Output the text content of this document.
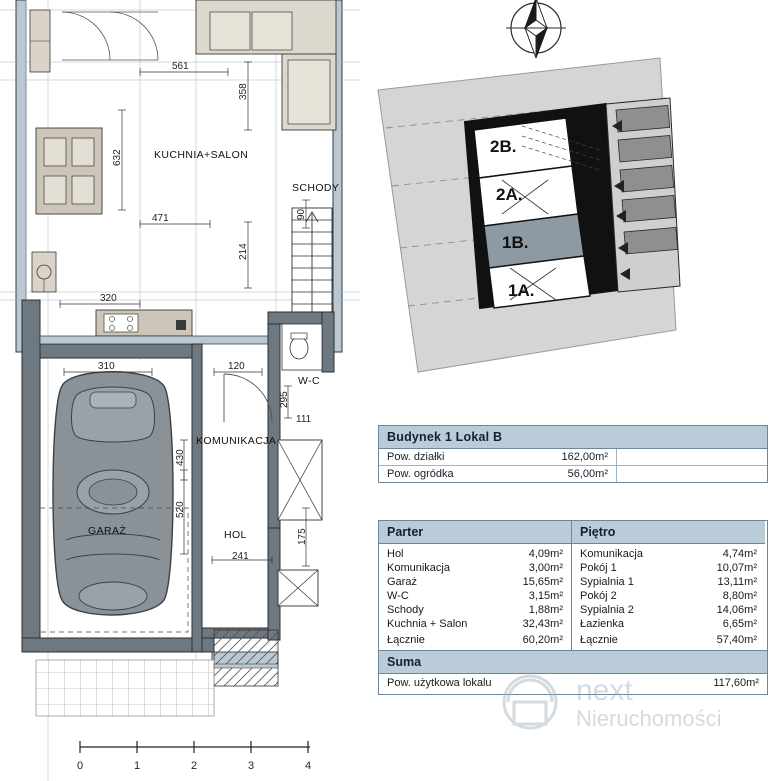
561
358
632
471
214
320
310	120
90
295
111
430
520
175
241
KUCHNIA+SALON
SCHODY
W-C
KOMUNIKACJA
GARAŻ	HOL
2B.
2A.
1B.
1A.
Budynek 1 Lokal B
Pow. działki	162,00m²
Pow. ogródka	56,00m²
Parter
Hol	4,09m²
Komunikacja	3,00m²
Garaż	15,65m²
W-C	3,15m²
Schody	1,88m²
Kuchnia + Salon	32,43m²
Łącznie	60,20m²
Piętro
Komunikacja	4,74m²
Pokój 1	10,07m²
Sypialnia 1	13,11m²
Pokój 2	8,80m²
Sypialnia 2	14,06m²
Łazienka	6,65m²
Łącznie	57,40m²
Suma
Pow. użytkowa lokalu	117,60m²
next
Nieruchomości
0	1	2	3	4
